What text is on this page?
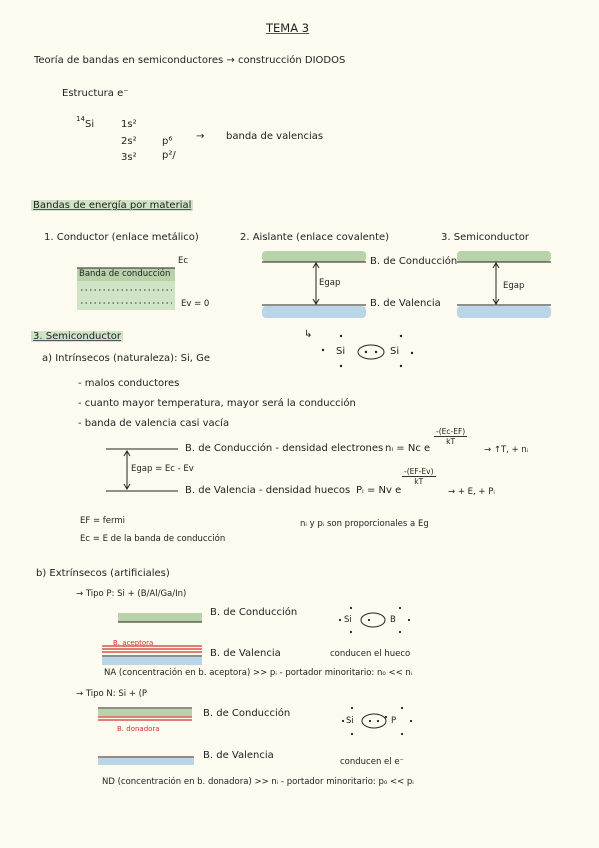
TEMA 3
Teoría de bandas en semiconductores → construcción DIODOS
Estructura e⁻
14 Si	1s²
2s²	p⁶ → banda de valencias
3s²	p²/
Bandas de energía por material
1. Conductor (enlace metálico)
Ec
Banda de conducción
Ev = 0
2. Aislante (enlace covalente)
B. de Conducción
Egap
B. de Valencia
3. Semiconductor
Egap
3. Semiconductor	↳
Si	Si
a) Intrínsecos (naturaleza): Si, Ge
- malos conductores
- cuanto mayor temperatura, mayor será la conducción
- banda de valencia casi vacía
B. de Conducción - densidad electrones nᵢ = Nc e
$\frac{-(Ec-EF)}{kT}$
→ ↑T, + nᵢ
Egap = Ec - Ev
B. de Valencia - densidad huecos Pᵢ = Nv e
$\frac{-(EF-Ev)}{kT}$
→ + E, + Pᵢ
EF = fermi	nᵢ y pᵢ son proporcionales a Eg
Ec = E de la banda de conducción
b) Extrínsecos (artificiales)
→ Tipo P: Si + (B/Al/Ga/In)
B. de Conducción
Si	B
B. aceptora
B. de Valencia	conducen el hueco
NA (concentración en b. aceptora) >> pᵢ - portador minoritario: n₀ << nᵢ
→ Tipo N: Si + (P
B. de Conducción
Si	P
B. donadora
B. de Valencia
conducen el e⁻
ND (concentración en b. donadora) >> nᵢ - portador minoritario: p₀ << pᵢ
